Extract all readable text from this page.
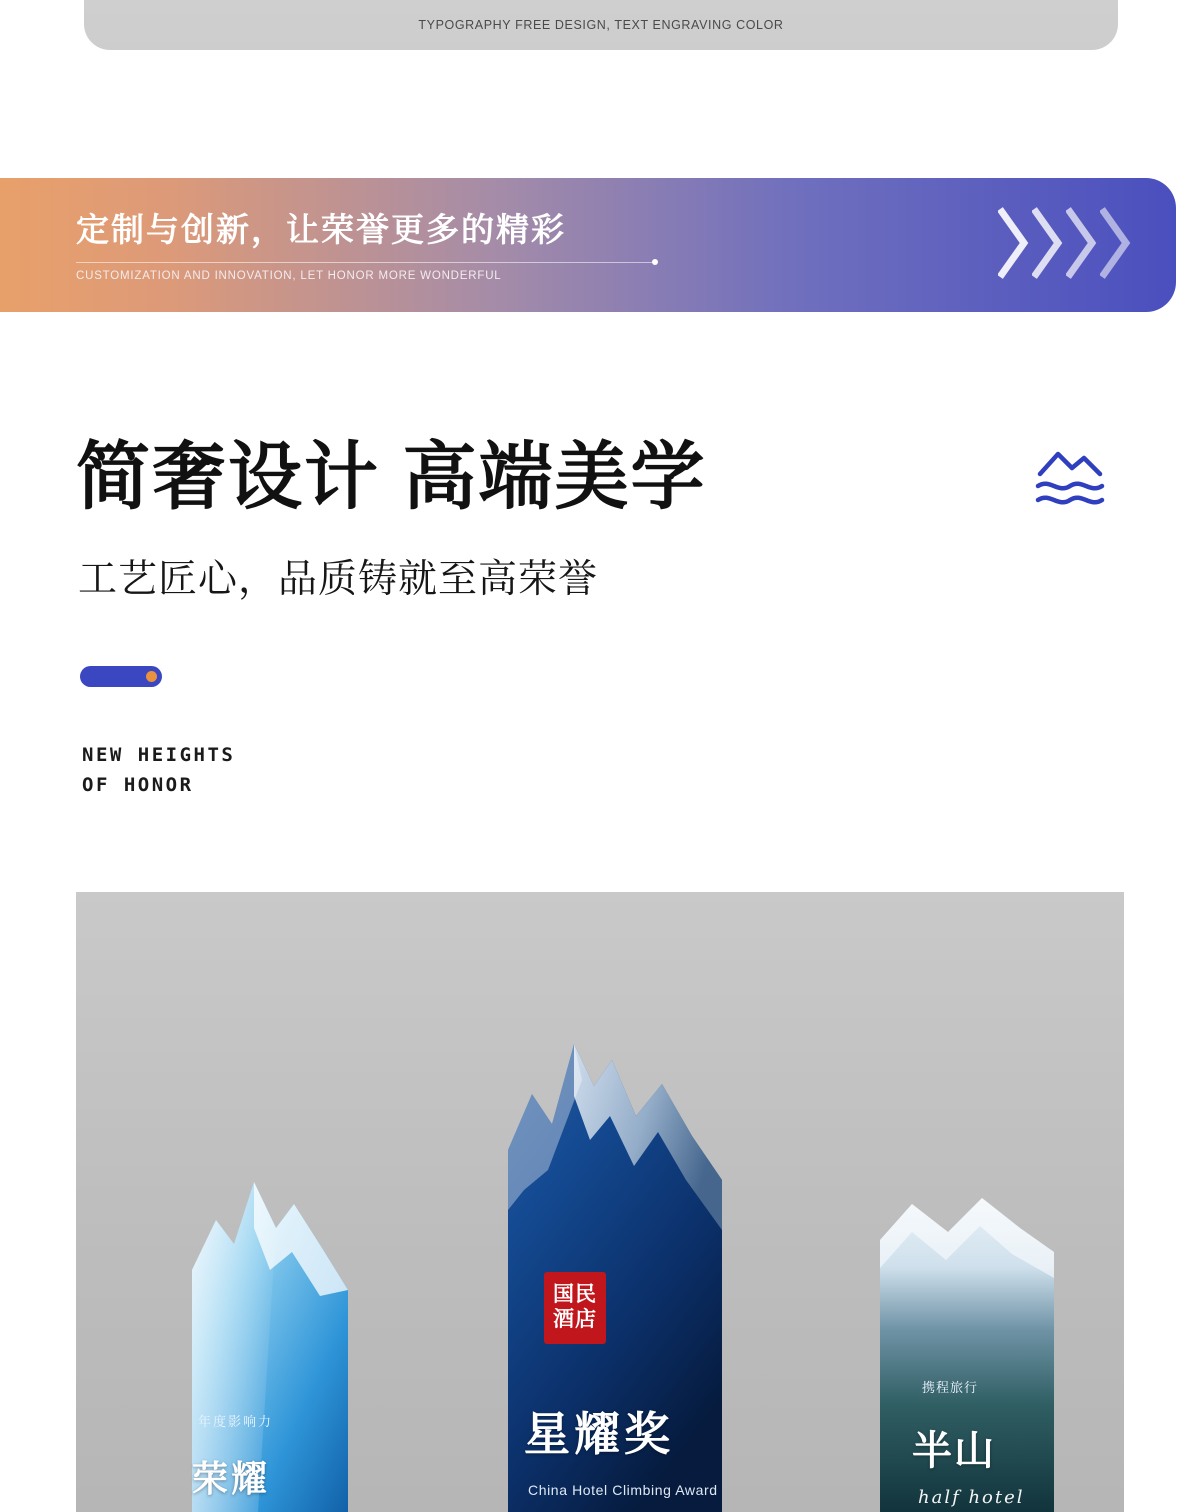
TYPOGRAPHY FREE DESIGN, TEXT ENGRAVING COLOR
定制与创新，让荣誉更多的精彩
CUSTOMIZATION AND INNOVATION, LET HONOR MORE WONDERFUL
简奢设计 高端美学
工艺匠心，品质铸就至高荣誉
NEW HEIGHTS
OF HONOR
年度影响力
荣耀
国民酒店
星耀奖
China Hotel Climbing Award
携程旅行
半山
half hotel
